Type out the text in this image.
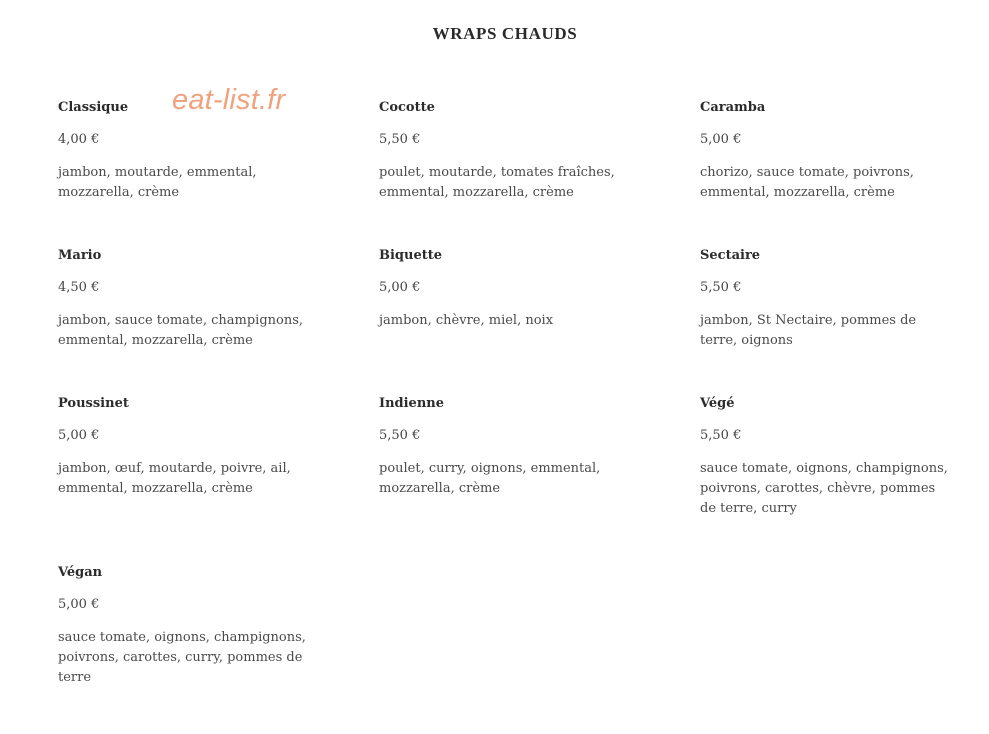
WRAPS CHAUDS
eat-list.fr
Classique
4,00 €
jambon, moutarde, emmental, mozzarella, crème
Cocotte
5,50 €
poulet, moutarde, tomates fraîches, emmental, mozzarella, crème
Caramba
5,00 €
chorizo, sauce tomate, poivrons, emmental, mozzarella, crème
Mario
4,50 €
jambon, sauce tomate, champignons, emmental, mozzarella, crème
Biquette
5,00 €
jambon, chèvre, miel, noix
Sectaire
5,50 €
jambon, St Nectaire, pommes de terre, oignons
Poussinet
5,00 €
jambon, œuf, moutarde, poivre, ail, emmental, mozzarella, crème
Indienne
5,50 €
poulet, curry, oignons, emmental, mozzarella, crème
Végé
5,50 €
sauce tomate, oignons, champignons, poivrons, carottes, chèvre, pommes de terre, curry
Végan
5,00 €
sauce tomate, oignons, champignons, poivrons, carottes, curry, pommes de terre
